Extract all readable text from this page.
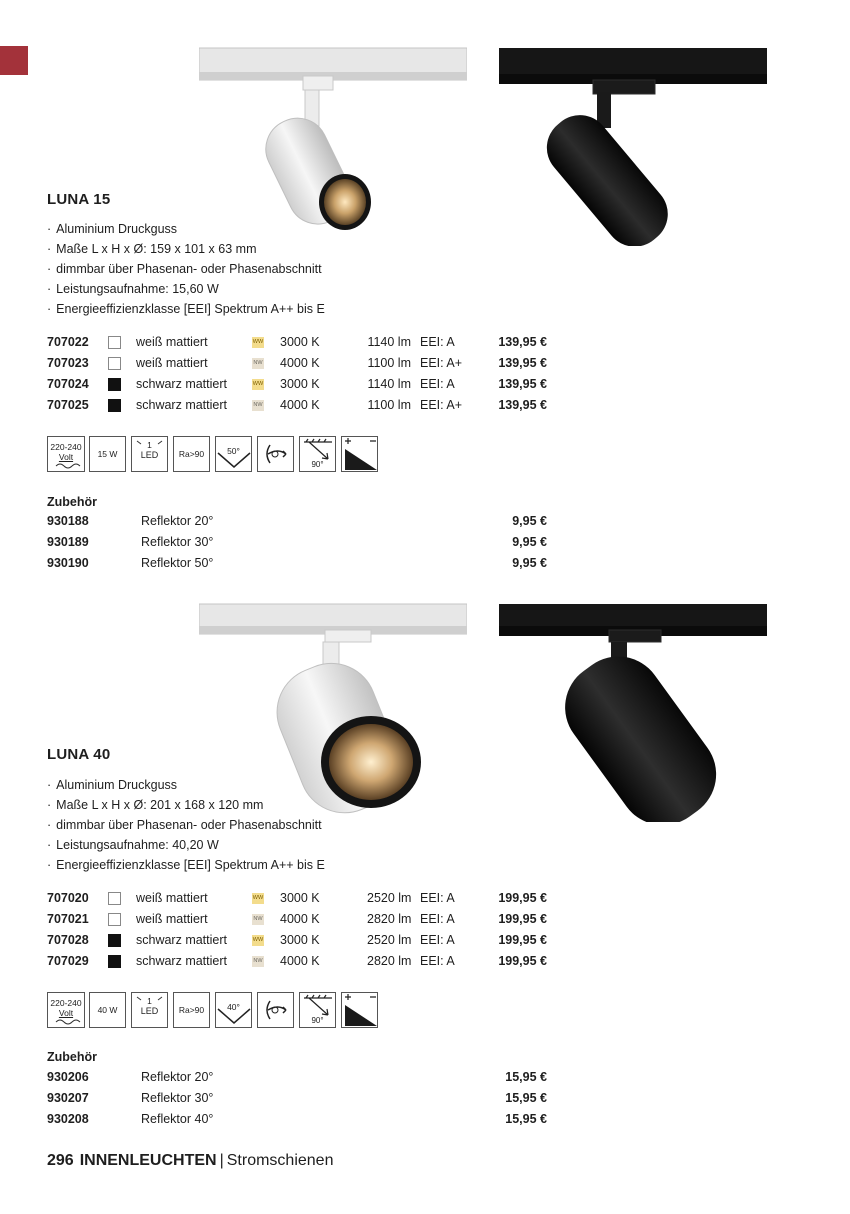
LUNA 15
· Aluminium Druckguss
· Maße L x H x Ø: 159 x 101 x 63 mm
· dimmbar über Phasenan- oder Phasenabschnitt
· Leistungsaufnahme: 15,60 W
· Energieeffizienzklasse [EEI] Spektrum A++ bis E
707022	weiß mattiert	WW 3000 K	1140 lm EEI: A	139,95 €
707023	weiß mattiert	NW 4000 K	1100 lm EEI: A+	139,95 €
707024	schwarz mattiert	WW 3000 K	1140 lm EEI: A	139,95 €
707025	schwarz mattiert	NW 4000 K	1100 lm EEI: A+	139,95 €
220-240
Volt	15 W
1
LED	Ra>90	50°
90°
Zubehör
930188	Reflektor 20°	9,95 €
930189	Reflektor 30°	9,95 €
930190	Reflektor 50°	9,95 €
LUNA 40
· Aluminium Druckguss
· Maße L x H x Ø: 201 x 168 x 120 mm
· dimmbar über Phasenan- oder Phasenabschnitt
· Leistungsaufnahme: 40,20 W
· Energieeffizienzklasse [EEI] Spektrum A++ bis E
707020	weiß mattiert	WW 3000 K	2520 lm EEI: A	199,95 €
707021	weiß mattiert	NW 4000 K	2820 lm EEI: A	199,95 €
707028	schwarz mattiert	WW 3000 K	2520 lm EEI: A	199,95 €
707029	schwarz mattiert	NW 4000 K	2820 lm EEI: A	199,95 €
220-240
Volt	40 W
1
LED	Ra>90	40°
90°
Zubehör
930206	Reflektor 20°	15,95 €
930207	Reflektor 30°	15,95 €
930208	Reflektor 40°	15,95 €
296 INNENLEUCHTEN | Stromschienen
